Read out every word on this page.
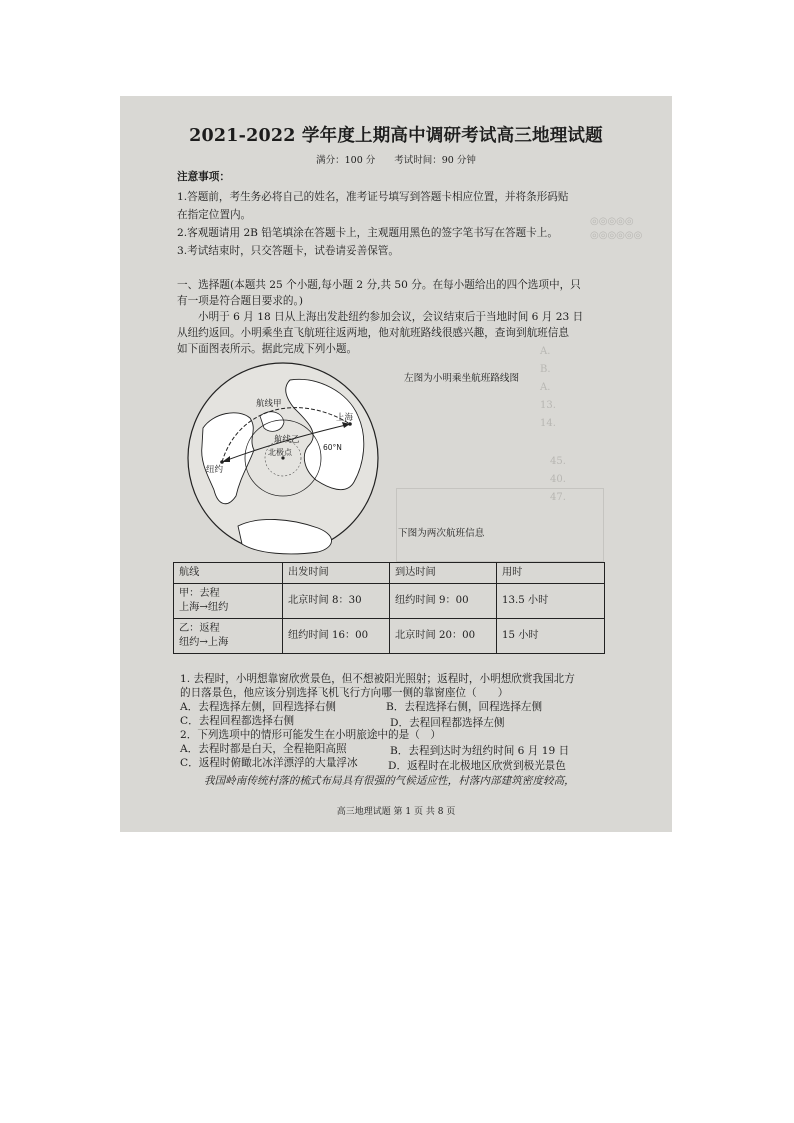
◎◎◎◎◎
◎◎◎◎◎◎
A.
B.
A.
13.
14.
45.
40.
47.
2021-2022 学年度上期高中调研考试高三地理试题
满分：100 分　　考试时间：90 分钟
注意事项：
1.答题前，考生务必将自己的姓名，准考证号填写到答题卡相应位置，并将条形码贴
在指定位置内。
2.客观题请用 2B 铅笔填涂在答题卡上，主观题用黑色的签字笔书写在答题卡上。
3.考试结束时，只交答题卡，试卷请妥善保管。
一、选择题(本题共 25 个小题,每小题 2 分,共 50 分。在每小题给出的四个选项中，只
有一项是符合题目要求的。)
小明于 6 月 18 日从上海出发赴纽约参加会议，会议结束后于当地时间 6 月 23 日
从纽约返回。小明乘坐直飞航班往返两地，他对航班路线很感兴趣，查询到航班信息
如下面图表所示。据此完成下列小题。
航线甲
航线乙
上海
纽约
北极点
60°N
左图为小明乘坐航班路线图
下图为两次航班信息
航线	出发时间	到达时间	用时
甲：去程
上海→纽约	北京时间 8：30	纽约时间 9：00	13.5 小时
乙：返程
纽约→上海	纽约时间 16：00	北京时间 20：00	15 小时
1. 去程时，小明想靠窗欣赏景色，但不想被阳光照射；返程时，小明想欣赏我国北方
的日落景色，他应该分别选择飞机飞行方向哪一侧的靠窗座位（　　）
A．去程选择左侧，回程选择右侧	B．去程选择右侧，回程选择左侧
C．去程回程都选择右侧	D．去程回程都选择左侧
2．下列选项中的情形可能发生在小明旅途中的是（　）
A．去程时都是白天，全程艳阳高照	B．去程到达时为纽约时间 6 月 19 日
C．返程时俯瞰北冰洋漂浮的大量浮冰	D．返程时在北极地区欣赏到极光景色
我国岭南传统村落的梳式布局具有很强的气候适应性，村落内部建筑密度较高，
高三地理试题 第 1 页 共 8 页
